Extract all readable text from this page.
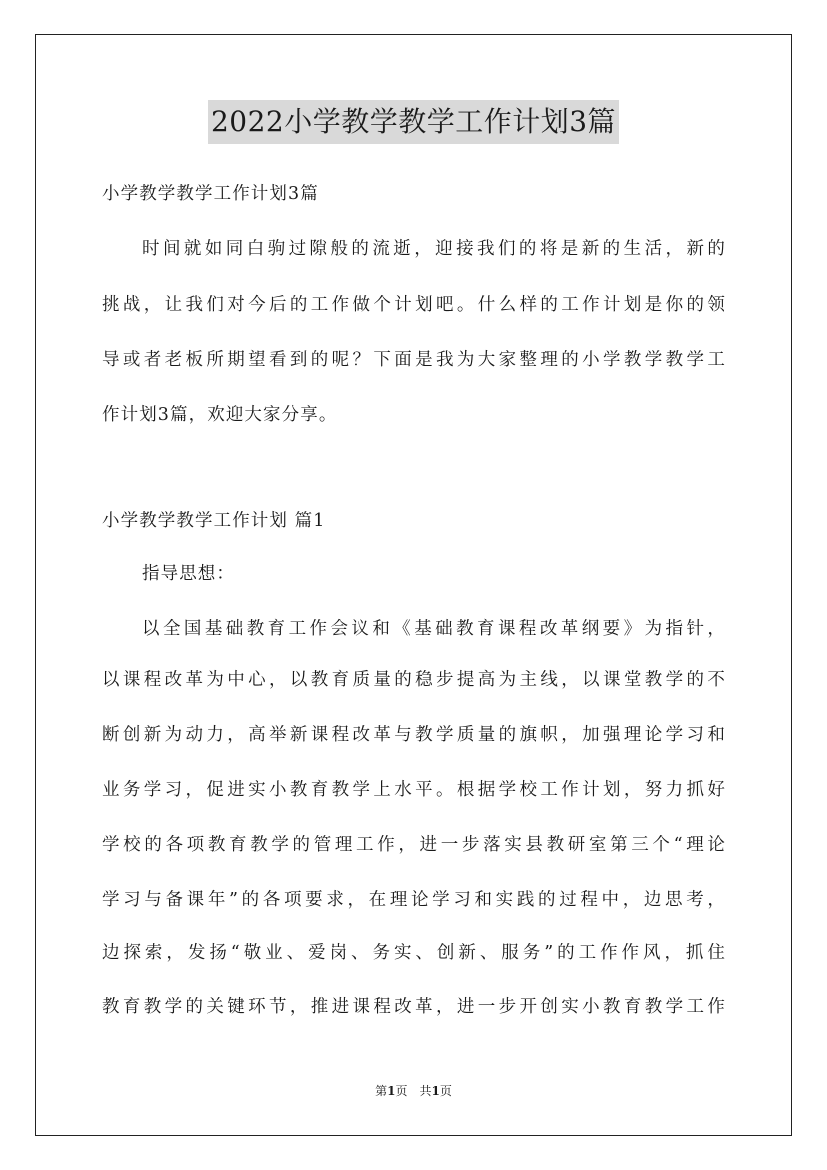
2022小学教学教学工作计划3篇
小学教学教学工作计划3篇
时间就如同白驹过隙般的流逝，迎接我们的将是新的生活，新的
挑战，让我们对今后的工作做个计划吧。什么样的工作计划是你的领
导或者老板所期望看到的呢？下面是我为大家整理的小学教学教学工
作计划3篇，欢迎大家分享。
小学教学教学工作计划 篇1
指导思想：
以全国基础教育工作会议和《基础教育课程改革纲要》为指针，
以课程改革为中心，以教育质量的稳步提高为主线，以课堂教学的不
断创新为动力，高举新课程改革与教学质量的旗帜，加强理论学习和
业务学习，促进实小教育教学上水平。根据学校工作计划，努力抓好
学校的各项教育教学的管理工作，进一步落实县教研室第三个“理论
学习与备课年”的各项要求，在理论学习和实践的过程中，边思考，
边探索，发扬“敬业、爱岗、务实、创新、服务”的工作作风，抓住
教育教学的关键环节，推进课程改革，进一步开创实小教育教学工作
第1页　共1页
